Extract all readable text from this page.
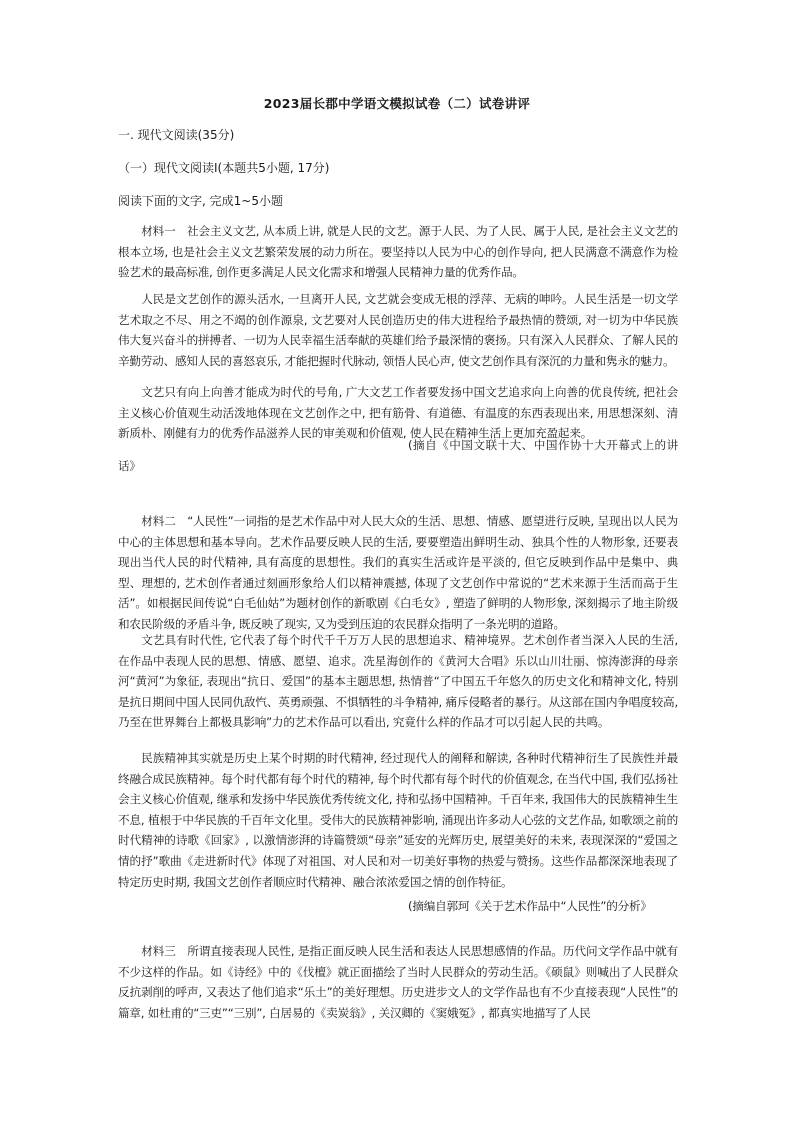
2023届长郡中学语文模拟试卷（二）试卷讲评
一. 现代文阅读(35分)
（一）现代文阅读I(本题共5小题, 17分)
阅读下面的文字, 完成1~5小题
材料一　社会主义文艺, 从本质上讲, 就是人民的文艺。源于人民、为了人民、属于人民, 是社会主义文艺的根本立场, 也是社会主义文艺繁荣发展的动力所在。要坚持以人民为中心的创作导向, 把人民满意不满意作为检验艺术的最高标准, 创作更多满足人民文化需求和增强人民精神力量的优秀作品。
人民是文艺创作的源头活水, 一旦离开人民, 文艺就会变成无根的浮萍、无病的呻吟。人民生活是一切文学艺术取之不尽、用之不竭的创作源泉, 文艺要对人民创造历史的伟大进程给予最热情的赞颂, 对一切为中华民族伟大复兴奋斗的拼搏者、一切为人民幸福生活奉献的英雄们给予最深情的褒扬。只有深入人民群众、了解人民的辛勤劳动、感知人民的喜怒哀乐, 才能把握时代脉动, 领悟人民心声, 使文艺创作具有深沉的力量和隽永的魅力。
文艺只有向上向善才能成为时代的号角, 广大文艺工作者要发扬中国文艺追求向上向善的优良传统, 把社会主义核心价值观生动活泼地体现在文艺创作之中, 把有筋骨、有道德、有温度的东西表现出来, 用思想深刻、清新质朴、刚健有力的优秀作品滋养人民的审美观和价值观, 使人民在精神生活上更加充盈起来。
(摘自《中国文联十大、中国作协十大开幕式上的讲话》
材料二　“人民性”一词指的是艺术作品中对人民大众的生活、思想、情感、愿望进行反映, 呈现出以人民为中心的主体思想和基本导向。艺术作品要反映人民的生活, 要要塑造出鲜明生动、独具个性的人物形象, 还要表现出当代人民的时代精神, 具有高度的思想性。我们的真实生活或许是平淡的, 但它反映到作品中是集中、典型、理想的, 艺术创作者通过刻画形象给人们以精神震撼, 体现了文艺创作中常说的“艺术来源于生活而高于生活”。如根据民间传说“白毛仙姑”为题材创作的新歌剧《白毛女》, 塑造了鲜明的人物形象, 深刻揭示了地主阶级和农民阶级的矛盾斗争, 既反映了现实, 又为受到压迫的农民群众指明了一条光明的道路。
文艺具有时代性, 它代表了每个时代千千万万人民的思想追求、精神境界。艺术创作者当深入人民的生活, 在作品中表现人民的思想、情感、愿望、追求。冼星海创作的《黄河大合唱》乐以山川壮丽、惊涛澎湃的母亲河“黄河”为象征, 表现出“抗日、爱国”的基本主题思想, 热情普“了中国五千年悠久的历史文化和精神文化, 特别是抗日期间中国人民同仇敌忾、英勇顽强、不惧牺牲的斗争精神, 痛斥侵略者的暴行。从这部在国内争唱度较高, 乃至在世界舞台上都极具影响”力的艺术作品可以看出, 究竟什么样的作品才可以引起人民的共鸣。
民族精神其实就是历史上某个时期的时代精神, 经过现代人的阐释和解读, 各种时代精神衍生了民族性并最终融合成民族精神。每个时代都有每个时代的精神, 每个时代都有每个时代的价值观念, 在当代中国, 我们弘扬社会主义核心价值观, 继承和发扬中华民族优秀传统文化, 持和弘扬中国精神。千百年来, 我国伟大的民族精神生生不息, 植根于中华民族的千百年文化里。受伟大的民族精神影响, 涌现出许多动人心弦的文艺作品, 如歌颂之前的时代精神的诗歌《回家》, 以激情澎湃的诗篇赞颂“母亲”延安的光辉历史, 展望美好的未来, 表现深深的“爱国之情的抒”歌曲《走进新时代》体现了对祖国、对人民和对一切美好事物的热爱与赞扬。这些作品都深深地表现了特定历史时期, 我国文艺创作者顺应时代精神、融合浓浓爱国之情的创作特征。
(摘编自郭珂《关于艺术作品中“人民性”的分析》
材料三　所谓直接表现人民性, 是指正面反映人民生活和表达人民思想感情的作品。历代问文学作品中就有不少这样的作品。如《诗经》中的《伐檀》就正面描绘了当时人民群众的劳动生活。《硕鼠》则喊出了人民群众反抗剥削的呼声, 又表达了他们追求“乐土”的美好理想。历史进步文人的文学作品也有不少直接表现“人民性”的篇章, 如杜甫的“三吏”“三别”, 白居易的《卖炭翁》, 关汉卿的《窦娥冤》, 都真实地描写了人民
